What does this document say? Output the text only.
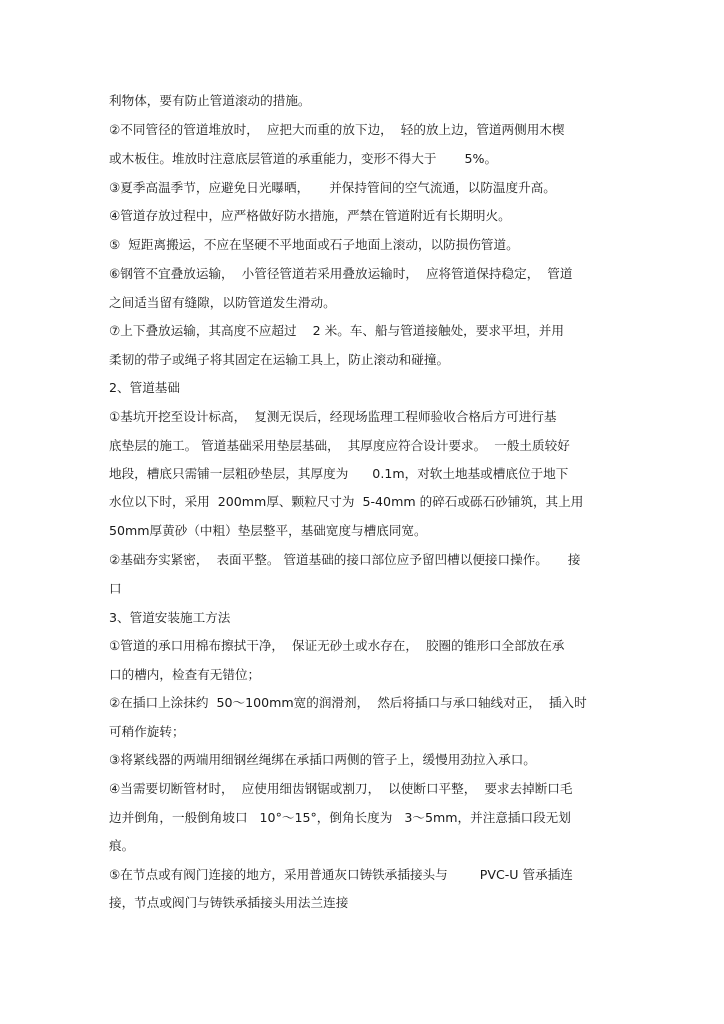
利物体，要有防止管道滚动的措施。

②不同管径的管道堆放时，  应把大而重的放下边，  轻的放上边，管道两侧用木楔

或木板住。堆放时注意底层管道的承重能力，变形不得大于       5%。

③夏季高温季节，应避免日光曝晒，     并保持管间的空气流通，以防温度升高。

④管道存放过程中，应严格做好防水措施，严禁在管道附近有长期明火。

⑤  短距离搬运，不应在坚硬不平地面或石子地面上滚动，以防损伤管道。

⑥钢管不宜叠放运输，  小管径管道若采用叠放运输时，  应将管道保持稳定，  管道

之间适当留有缝隙，以防管道发生滑动。

⑦上下叠放运输，其高度不应超过    2 米。车、船与管道接触处，要求平坦，并用

柔韧的带子或绳子将其固定在运输工具上，防止滚动和碰撞。

2、管道基础

①基坑开挖至设计标高，  复测无误后，经现场监理工程师验收合格后方可进行基

底垫层的施工。 管道基础采用垫层基础，  其厚度应符合设计要求。  一般土质较好

地段，槽底只需铺一层粗砂垫层，其厚度为      0.1m，对软土地基或槽底位于地下

水位以下时，采用  200mm厚、颗粒尺寸为  5-40mm 的碎石或砾石砂铺筑，其上用

50mm厚黄砂（中粗）垫层整平，基础宽度与槽底同宽。

②基础夯实紧密，  表面平整。 管道基础的接口部位应予留凹槽以便接口操作。     接

口

3、管道安装施工方法

①管道的承口用棉布擦拭干净，  保证无砂土或水存在，  胶圈的锥形口全部放在承

口的槽内，检查有无错位；

②在插口上涂抹约  50～100mm宽的润滑剂，  然后将插口与承口轴线对正，  插入时

可稍作旋转；

③将紧线器的两端用细钢丝绳绑在承插口两侧的管子上，缓慢用劲拉入承口。

④当需要切断管材时，  应使用细齿钢锯或割刀，  以使断口平整，  要求去掉断口毛

边并倒角，一般倒角坡口   10°～15°，倒角长度为   3～5mm，并注意插口段无划

痕。

⑤在节点或有阀门连接的地方，采用普通灰口铸铁承插接头与        PVC-U 管承插连

接，节点或阀门与铸铁承插接头用法兰连接
